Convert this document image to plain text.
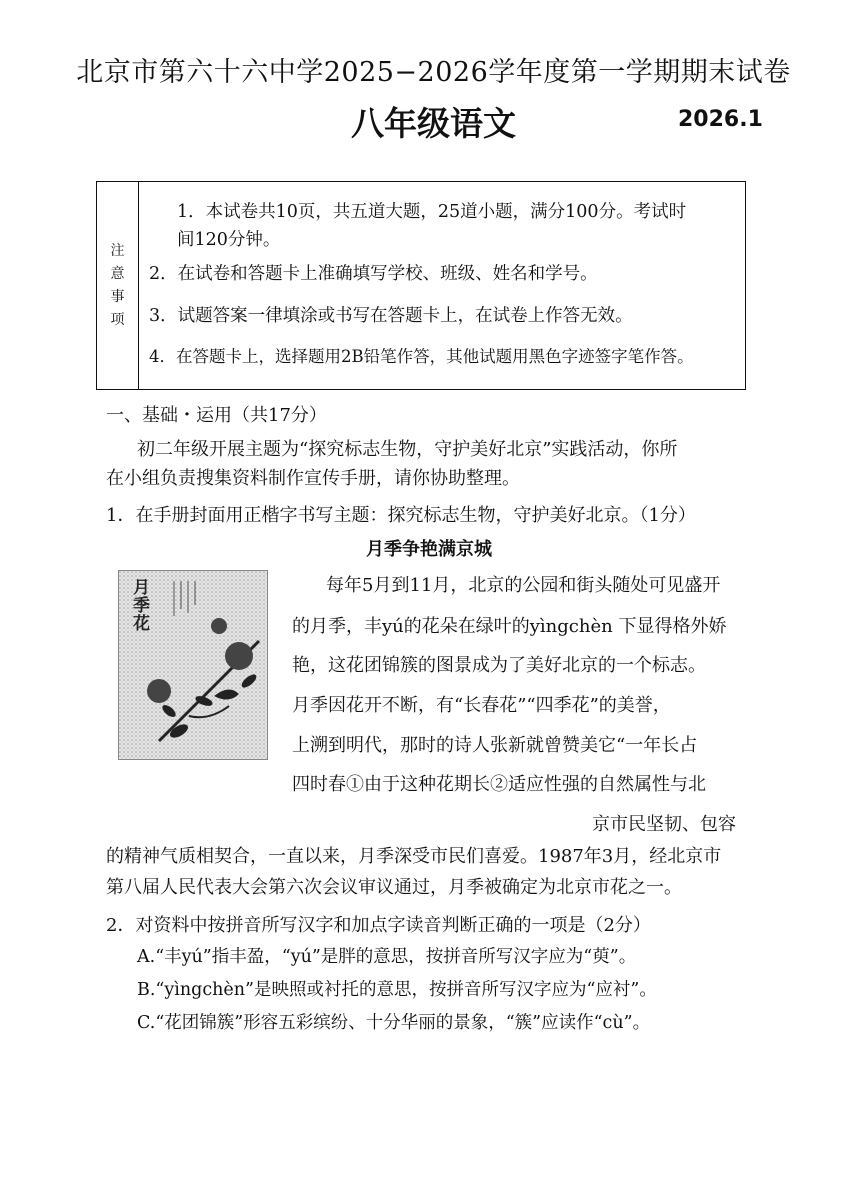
北京市第六十六中学2025−2026学年度第一学期期末试卷
八年级语文	2026.1
注
意
事
项
1．本试卷共10页，共五道大题，25道小题，满分100分。考试时
间120分钟。
2．在试卷和答题卡上准确填写学校、班级、姓名和学号。
3．试题答案一律填涂或书写在答题卡上，在试卷上作答无效。
4．在答题卡上，选择题用2B铅笔作答，其他试题用黑色字迹签字笔作答。
一、基础・运用（共17分）
初二年级开展主题为“探究标志生物，守护美好北京”实践活动，你所
在小组负责搜集资料制作宣传手册，请你协助整理。
1．在手册封面用正楷字书写主题：探究标志生物，守护美好北京。（1分）
月季争艳满京城
月季花
每年5月到11月，北京的公园和街头随处可见盛开
的月季，丰yú的花朵在绿叶的yìngchèn 下显得格外娇
艳，这花团锦簇的图景成为了美好北京的一个标志。
月季因花开不断，有“长春花”“四季花”的美誉，
上溯到明代，那时的诗人张新就曾赞美它“一年长占
四时春①由于这种花期长②适应性强的自然属性与北
京市民坚韧、包容
的精神气质相契合，一直以来，月季深受市民们喜爱。1987年3月，经北京市
第八届人民代表大会第六次会议审议通过，月季被确定为北京市花之一。
2．对资料中按拼音所写汉字和加点字读音判断正确的一项是（2分）
A.“丰yú”指丰盈，“yú”是胖的意思，按拼音所写汉字应为“萸”。
B.“yìngchèn”是映照或衬托的意思，按拼音所写汉字应为“应衬”。
C.“花团锦簇”形容五彩缤纷、十分华丽的景象，“簇”应读作“cù”。
